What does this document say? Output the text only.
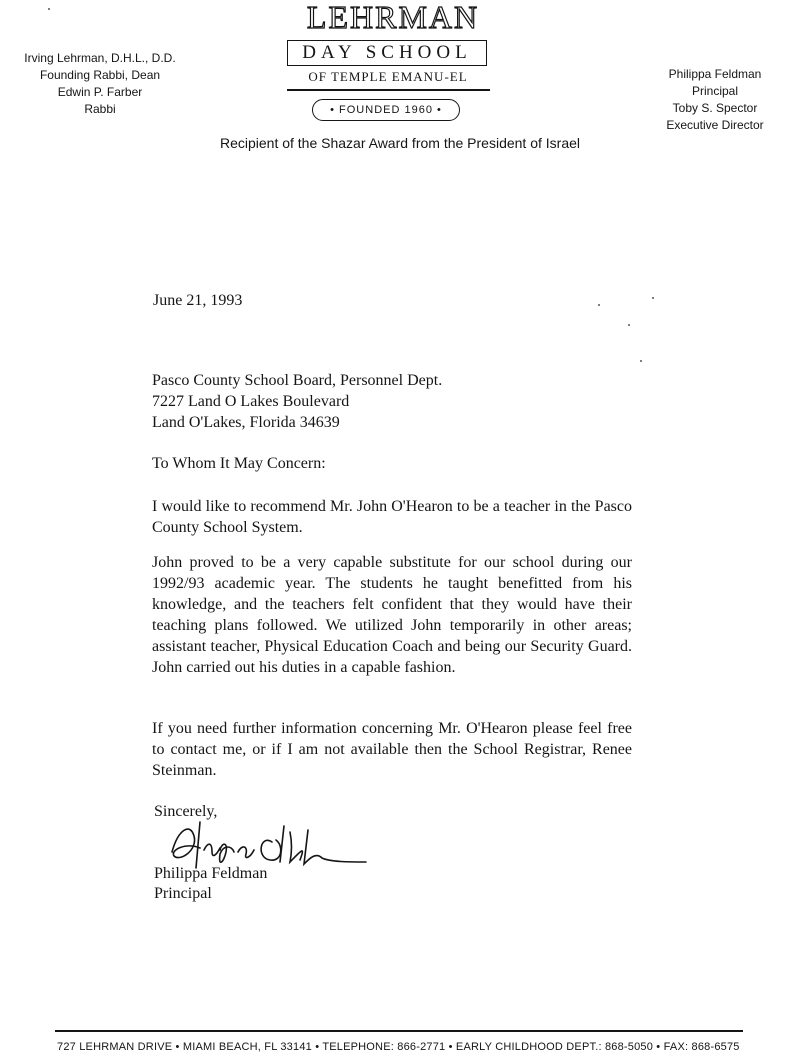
Irving Lehrman, D.H.L., D.D.
Founding Rabbi, Dean
Edwin P. Farber
Rabbi
LEHRMAN
DAY SCHOOL
OF TEMPLE EMANU-EL
• FOUNDED 1960 •
Philippa Feldman
Principal
Toby S. Spector
Executive Director
Recipient of the Shazar Award from the President of Israel
June 21, 1993
Pasco County School Board, Personnel Dept.
7227 Land O Lakes Boulevard
Land O'Lakes, Florida 34639
To Whom It May Concern:
I would like to recommend Mr. John O'Hearon to be a teacher in the Pasco County School System.
John proved to be a very capable substitute for our school during our 1992/93 academic year. The students he taught benefitted from his knowledge, and the teachers felt confident that they would have their teaching plans followed. We utilized John temporarily in other areas; assistant teacher, Physical Education Coach and being our Security Guard. John carried out his duties in a capable fashion.
If you need further information concerning Mr. O'Hearon please feel free to contact me, or if I am not available then the School Registrar, Renee Steinman.
Sincerely,
Philippa Feldman
Principal
727 LEHRMAN DRIVE • MIAMI BEACH, FL 33141 • TELEPHONE: 866-2771 • EARLY CHILDHOOD DEPT.: 868-5050 • FAX: 868-6575
